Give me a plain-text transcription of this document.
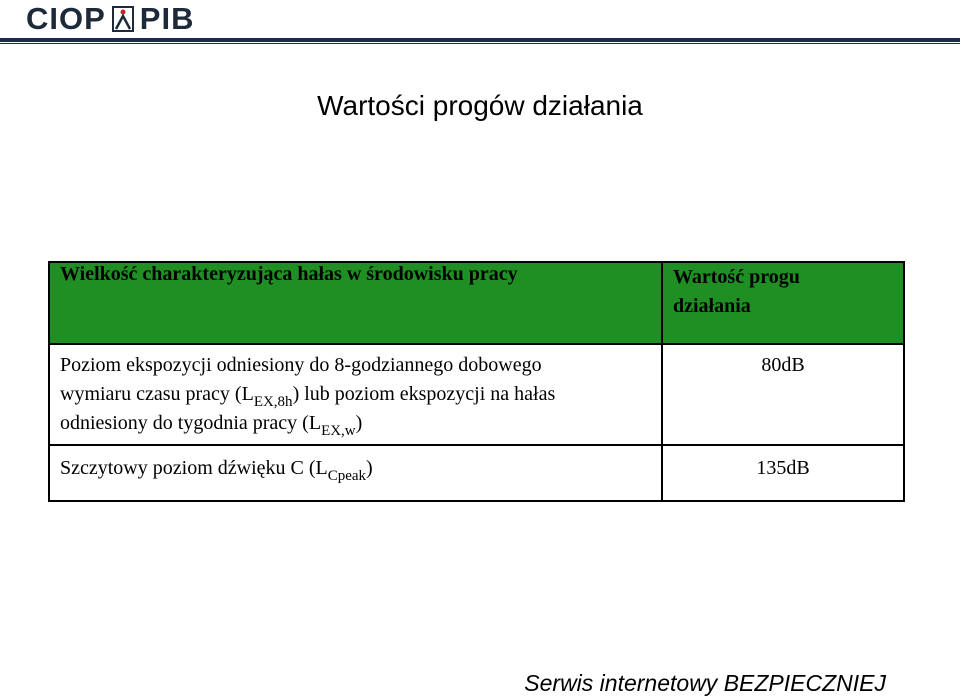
CIOP PIB
Wartości progów działania
Wielkość charakteryzująca hałas w środowisku pracy	Wartość progu
działania
Poziom ekspozycji odniesiony do 8-godziannego dobowego
wymiaru czasu pracy $(L_{EX,8h})$ lub poziom ekspozycji na hałas
odniesiony do tygodnia pracy $(L_{EX,w})$	80dB
Szczytowy poziom dźwięku C $(L_{Cpeak})$	135dB
Serwis internetowy BEZPIECZNIEJ
